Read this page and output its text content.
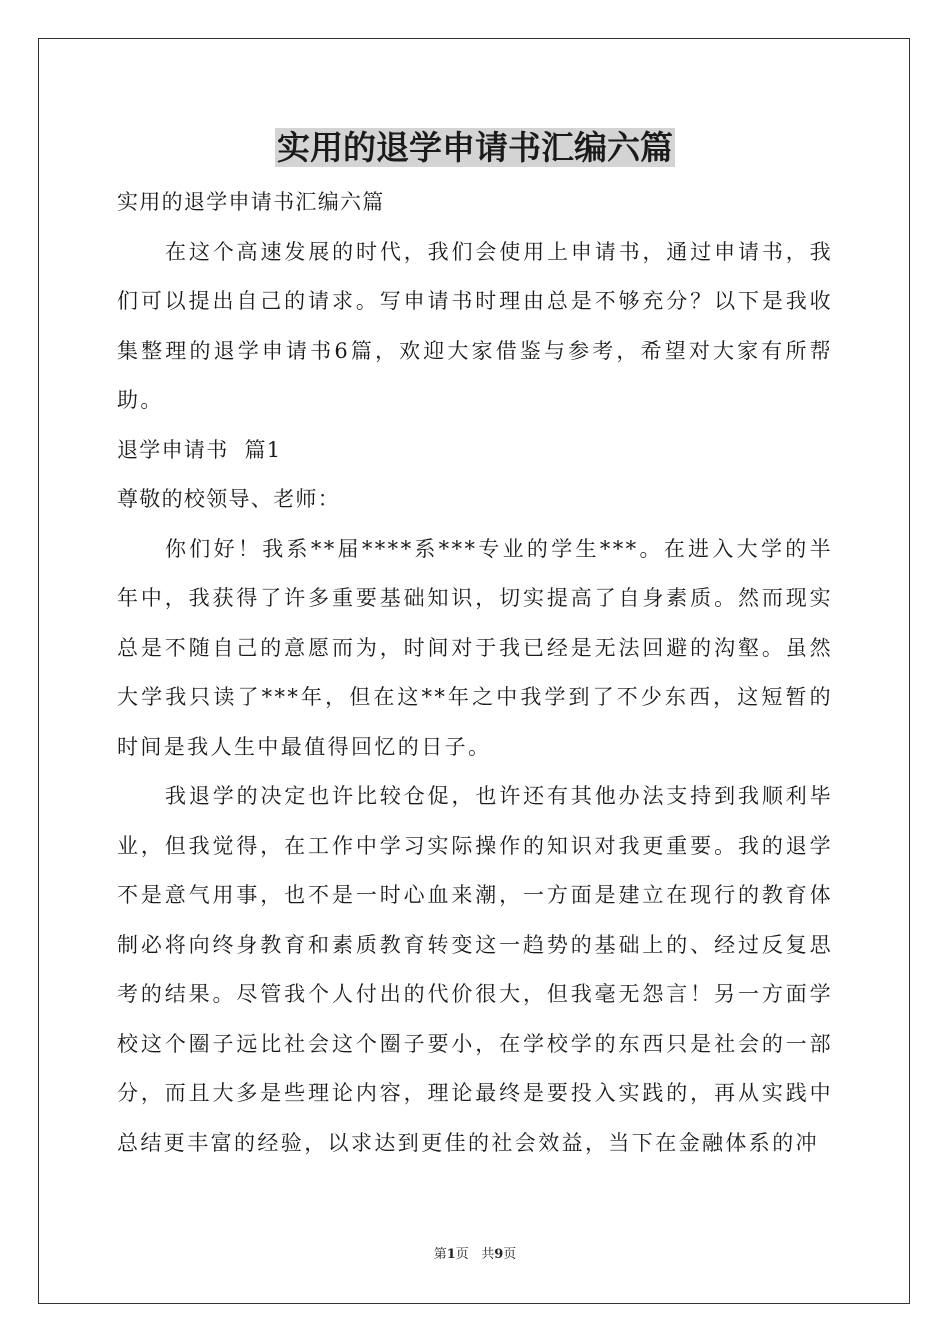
实用的退学申请书汇编六篇

实用的退学申请书汇编六篇

在这个高速发展的时代，我们会使用上申请书，通过申请书，我们可以提出自己的请求。写申请书时理由总是不够充分？以下是我收集整理的退学申请书6篇，欢迎大家借鉴与参考，希望对大家有所帮助。

退学申请书  篇1

尊敬的校领导、老师：

你们好！我系**届****系***专业的学生***。在进入大学的半年中，我获得了许多重要基础知识，切实提高了自身素质。然而现实总是不随自己的意愿而为，时间对于我已经是无法回避的沟壑。虽然大学我只读了***年，但在这**年之中我学到了不少东西，这短暂的时间是我人生中最值得回忆的日子。

我退学的决定也许比较仓促，也许还有其他办法支持到我顺利毕业，但我觉得，在工作中学习实际操作的知识对我更重要。我的退学不是意气用事，也不是一时心血来潮，一方面是建立在现行的教育体制必将向终身教育和素质教育转变这一趋势的基础上的、经过反复思考的结果。尽管我个人付出的代价很大，但我毫无怨言！另一方面学校这个圈子远比社会这个圈子要小，在学校学的东西只是社会的一部分，而且大多是些理论内容，理论最终是要投入实践的，再从实践中总结更丰富的经验，以求达到更佳的社会效益，当下在金融体系的冲

第1页 共9页
